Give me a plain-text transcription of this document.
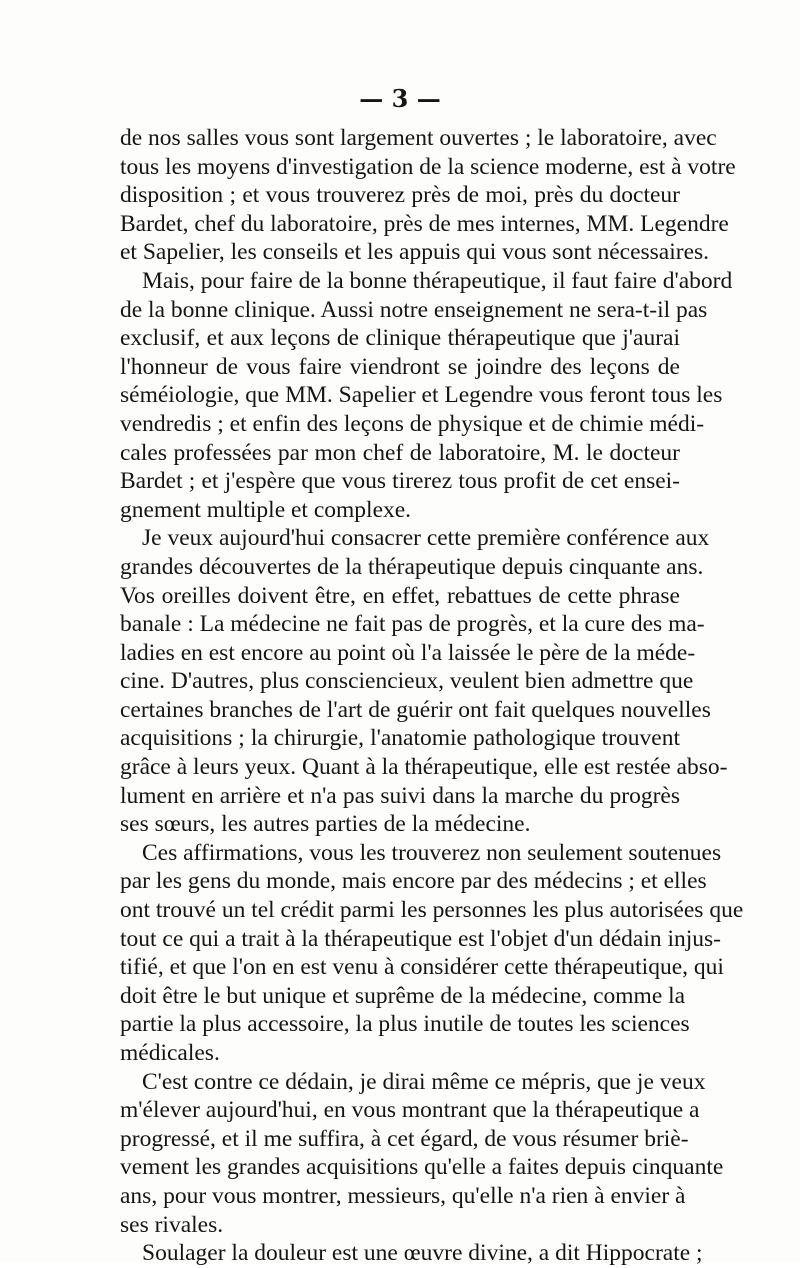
— 3 —
de nos salles vous sont largement ouvertes ; le laboratoire, avec
tous les moyens d'investigation de la science moderne, est à votre
disposition ; et vous trouverez près de moi, près du docteur
Bardet, chef du laboratoire, près de mes internes, MM. Legendre
et Sapelier, les conseils et les appuis qui vous sont nécessaires.
Mais, pour faire de la bonne thérapeutique, il faut faire d'abord
de la bonne clinique. Aussi notre enseignement ne sera-t-il pas
exclusif, et aux leçons de clinique thérapeutique que j'aurai
l'honneur de vous faire viendront se joindre des leçons de
séméiologie, que MM. Sapelier et Legendre vous feront tous les
vendredis ; et enfin des leçons de physique et de chimie médi-
cales professées par mon chef de laboratoire, M. le docteur
Bardet ; et j'espère que vous tirerez tous profit de cet ensei-
gnement multiple et complexe.
Je veux aujourd'hui consacrer cette première conférence aux
grandes découvertes de la thérapeutique depuis cinquante ans.
Vos oreilles doivent être, en effet, rebattues de cette phrase
banale : La médecine ne fait pas de progrès, et la cure des ma-
ladies en est encore au point où l'a laissée le père de la méde-
cine. D'autres, plus consciencieux, veulent bien admettre que
certaines branches de l'art de guérir ont fait quelques nouvelles
acquisitions ; la chirurgie, l'anatomie pathologique trouvent
grâce à leurs yeux. Quant à la thérapeutique, elle est restée abso-
lument en arrière et n'a pas suivi dans la marche du progrès
ses sœurs, les autres parties de la médecine.
Ces affirmations, vous les trouverez non seulement soutenues
par les gens du monde, mais encore par des médecins ; et elles
ont trouvé un tel crédit parmi les personnes les plus autorisées que
tout ce qui a trait à la thérapeutique est l'objet d'un dédain injus-
tifié, et que l'on en est venu à considérer cette thérapeutique, qui
doit être le but unique et suprême de la médecine, comme la
partie la plus accessoire, la plus inutile de toutes les sciences
médicales.
C'est contre ce dédain, je dirai même ce mépris, que je veux
m'élever aujourd'hui, en vous montrant que la thérapeutique a
progressé, et il me suffira, à cet égard, de vous résumer briè-
vement les grandes acquisitions qu'elle a faites depuis cinquante
ans, pour vous montrer, messieurs, qu'elle n'a rien à envier à
ses rivales.
Soulager la douleur est une œuvre divine, a dit Hippocrate ;
